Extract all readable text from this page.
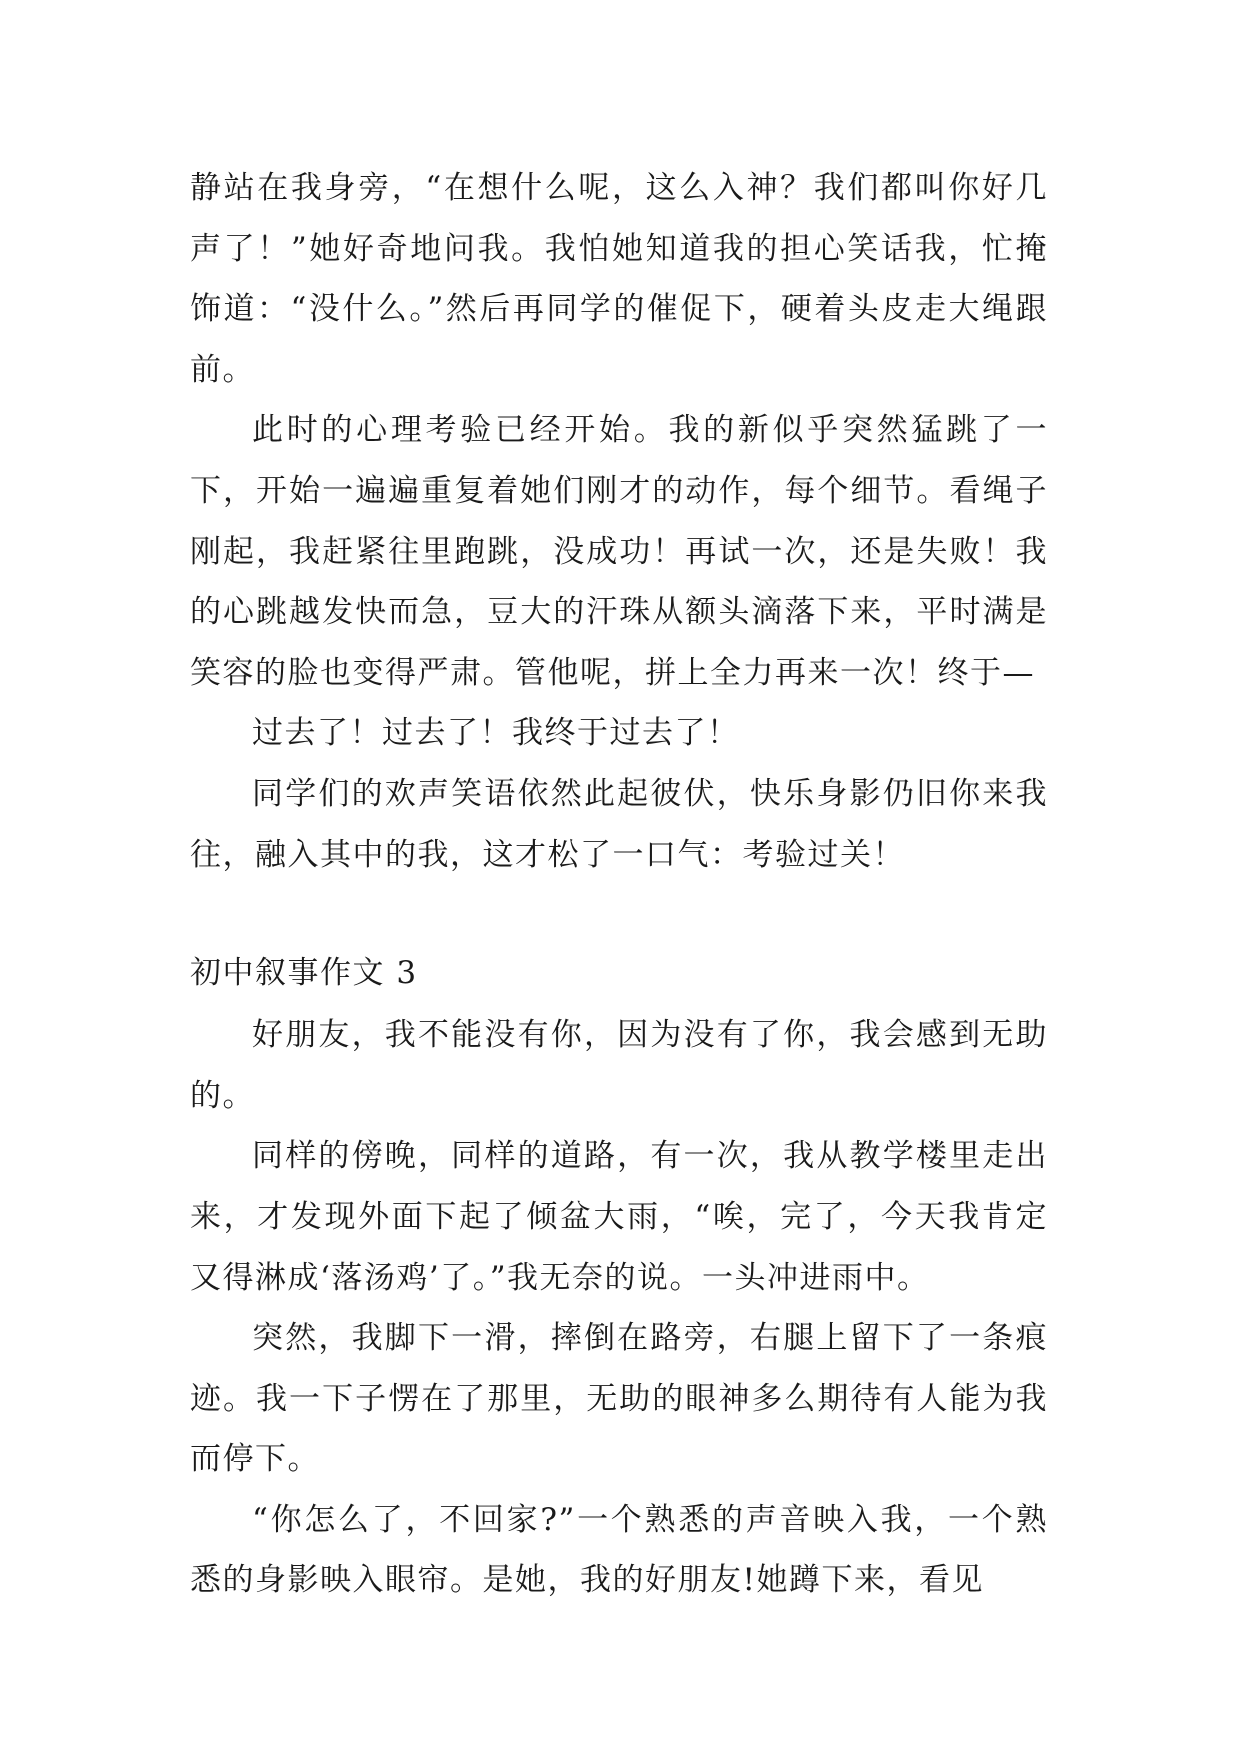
静站在我身旁，“在想什么呢，这么入神？我们都叫你好几声了！”她好奇地问我。我怕她知道我的担心笑话我，忙掩饰道：“没什么。”然后再同学的催促下，硬着头皮走大绳跟前。

此时的心理考验已经开始。我的新似乎突然猛跳了一下，开始一遍遍重复着她们刚才的动作，每个细节。看绳子刚起，我赶紧往里跑跳，没成功！再试一次，还是失败！我的心跳越发快而急，豆大的汗珠从额头滴落下来，平时满是笑容的脸也变得严肃。管他呢，拼上全力再来一次！终于—

过去了！过去了！我终于过去了！

同学们的欢声笑语依然此起彼伏，快乐身影仍旧你来我往，融入其中的我，这才松了一口气：考验过关！

初中叙事作文 3

好朋友，我不能没有你，因为没有了你，我会感到无助的。

同样的傍晚，同样的道路，有一次，我从教学楼里走出来，才发现外面下起了倾盆大雨，“唉，完了，今天我肯定又得淋成‘落汤鸡’了。”我无奈的说。一头冲进雨中。

突然，我脚下一滑，摔倒在路旁，右腿上留下了一条痕迹。我一下子愣在了那里，无助的眼神多么期待有人能为我而停下。

“你怎么了，不回家?”一个熟悉的声音映入我，一个熟悉的身影映入眼帘。是她，我的好朋友!她蹲下来，看见
